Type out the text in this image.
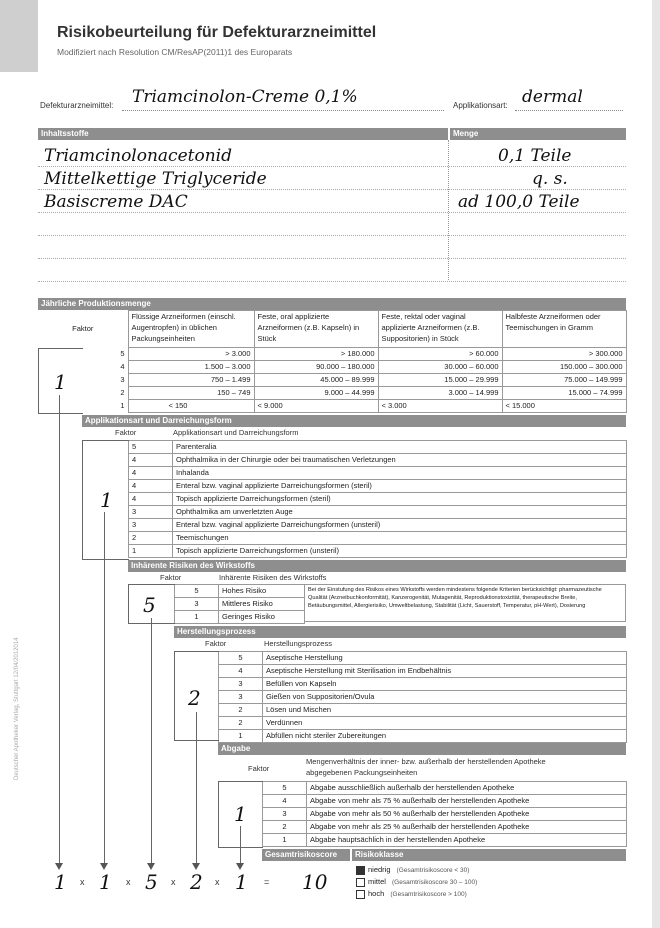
Risikobeurteilung für Defekturarzneimittel
Modifiziert nach Resolution CM/ResAP(2011)1 des Europarats
Defekturarzneimittel: Triamcinolon-Creme 0,1%	Applikationsart: dermal
Inhaltsstoffe	Menge
Triamcinolonacetonid	0,1 Teile
Mittelkettige Triglyceride	q. s.
Basiscreme DAC	ad 100,0 Teile
Jährliche Produktionsmenge
Faktor	Flüssige Arzneiformen (einschl. Augentropfen) in üblichen Packungseinheiten	Feste, oral applizierte Arzneiformen (z.B. Kapseln) in Stück	Feste, rektal oder vaginal applizierte Arzneiformen (z.B. Suppositorien) in Stück	Halbfeste Arzneiformen oder Teemischungen in Gramm
5	> 3.000	> 180.000	> 60.000	> 300.000
4	1.500 – 3.000	90.000 – 180.000	30.000 – 60.000	150.000 – 300.000
3	750 – 1.499	45.000 – 89.999	15.000 – 29.999	75.000 – 149.999
2	150 – 749	9.000 – 44.999	3.000 – 14.999	15.000 – 74.999
1	< 150	< 9.000	< 3.000	< 15.000
1
Applikationsart und Darreichungsform
Faktor
5	Parenteralia
4	Ophthalmika in der Chirurgie oder bei traumatischen Verletzungen
4	Inhalanda
4	Enteral bzw. vaginal applizierte Darreichungsformen (steril)
4	Topisch applizierte Darreichungsformen (steril)
3	Ophthalmika am unverletzten Auge
3	Enteral bzw. vaginal applizierte Darreichungsformen (unsteril)
2	Teemischungen
1	Topisch applizierte Darreichungsformen (unsteril)
Applikationsart und Darreichungsform
1
Inhärente Risiken des Wirkstoffs
Faktor	Inhärente Risiken des Wirkstoffs
5	Hohes Risiko
3	Mittleres Risiko
1	Geringes Risiko
Bei der Einstufung des Risikos eines Wirkstoffs werden mindestens folgende Kriterien berücksichtigt: pharmazeutische Qualität (Arzneibuchkonformität), Kanzerogenität, Mutagenität, Reproduktionstoxizität, therapeutische Breite, Betäubungsmittel, Allergierisiko, Umweltbelastung, Stabilität (Licht, Sauerstoff, Temperatur, pH-Wert), Dosierung
5
Herstellungsprozess
Faktor	Herstellungsprozess
5	Aseptische Herstellung
4	Aseptische Herstellung mit Sterilisation im Endbehältnis
3	Befüllen von Kapseln
3	Gießen von Suppositorien/Ovula
2	Lösen und Mischen
2	Verdünnen
1	Abfüllen nicht steriler Zubereitungen
2
Abgabe
Faktor
Mengenverhältnis der inner- bzw. außerhalb der herstellenden Apotheke abgegebenen Packungseinheiten
5	Abgabe ausschließlich außerhalb der herstellenden Apotheke
4	Abgabe von mehr als 75 % außerhalb der herstellenden Apotheke
3	Abgabe von mehr als 50 % außerhalb der herstellenden Apotheke
2	Abgabe von mehr als 25 % außerhalb der herstellenden Apotheke
1	Abgabe hauptsächlich in der herstellenden Apotheke
1
Gesamtrisikoscore	Risikoklasse
1 x 1 x 5 x 2 x 1 = 10
niedrig (Gesamtrisikoscore < 30)
mittel (Gesamtrisikoscore 30 – 100)
hoch (Gesamtrisikoscore > 100)
Deutscher Apotheker Verlag, Stuttgart 12/04/2012014
